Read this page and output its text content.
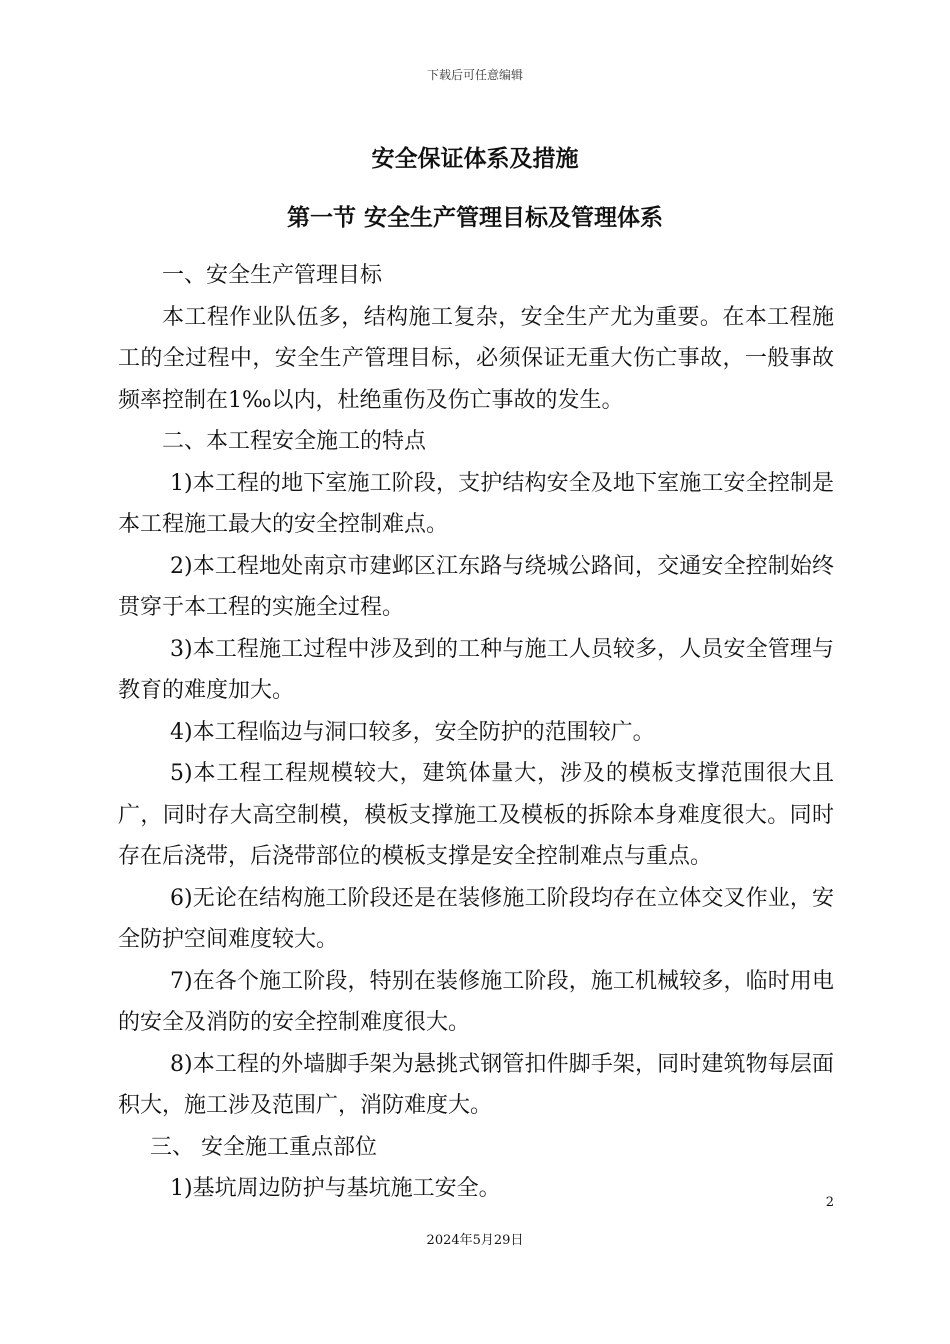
下载后可任意编辑
安全保证体系及措施
第一节 安全生产管理目标及管理体系

一、安全生产管理目标

本工程作业队伍多，结构施工复杂，安全生产尤为重要。在本工程施工的全过程中，安全生产管理目标，必须保证无重大伤亡事故，一般事故频率控制在1‰以内，杜绝重伤及伤亡事故的发生。

二、本工程安全施工的特点

1)本工程的地下室施工阶段，支护结构安全及地下室施工安全控制是本工程施工最大的安全控制难点。

2)本工程地处南京市建邺区江东路与绕城公路间，交通安全控制始终贯穿于本工程的实施全过程。

3)本工程施工过程中涉及到的工种与施工人员较多，人员安全管理与教育的难度加大。

4)本工程临边与洞口较多，安全防护的范围较广。

5)本工程工程规模较大，建筑体量大，涉及的模板支撑范围很大且广，同时存大高空制模，模板支撑施工及模板的拆除本身难度很大。同时存在后浇带，后浇带部位的模板支撑是安全控制难点与重点。

6)无论在结构施工阶段还是在装修施工阶段均存在立体交叉作业，安全防护空间难度较大。

7)在各个施工阶段，特别在装修施工阶段，施工机械较多，临时用电的安全及消防的安全控制难度很大。

8)本工程的外墙脚手架为悬挑式钢管扣件脚手架，同时建筑物每层面积大，施工涉及范围广，消防难度大。

三、 安全施工重点部位

1)基坑周边防护与基坑施工安全。

2
2024年5月29日
